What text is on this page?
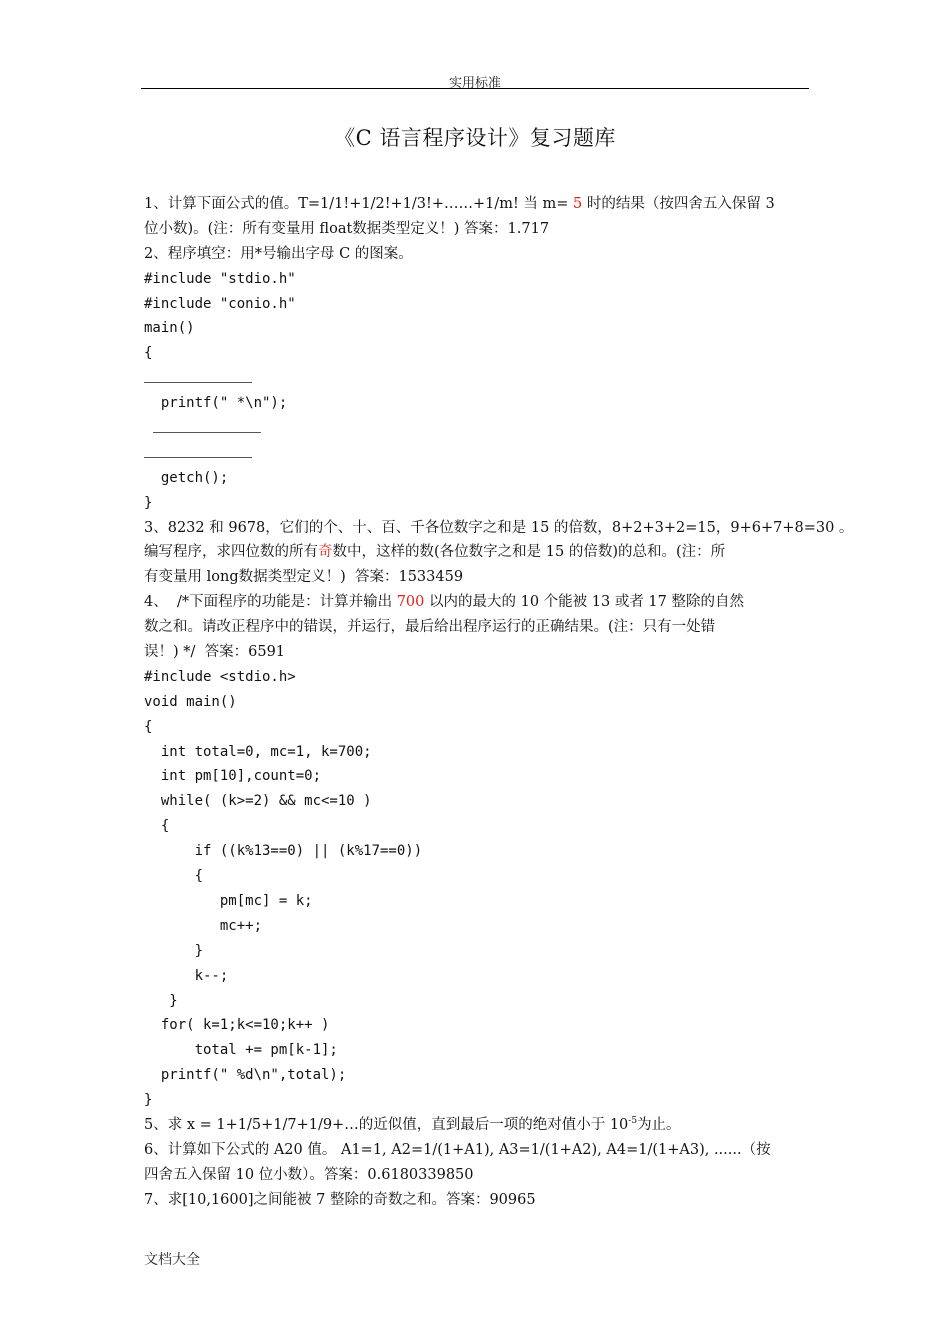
实用标准
《C 语言程序设计》复习题库
1、计算下面公式的值。T=1/1!+1/2!+1/3!+……+1/m! 当 m= 5 时的结果（按四舍五入保留 3
位小数)。(注：所有变量用 float数据类型定义！) 答案：1.717
2、程序填空：用*号输出字母 C 的图案。
#include "stdio.h"
#include "conio.h"
main()
{
printf(" *\n");
getch();
}
3、8232 和 9678，它们的个、十、百、千各位数字之和是 15 的倍数，8+2+3+2=15，9+6+7+8=30 。
编写程序，求四位数的所有奇数中，这样的数(各位数字之和是 15 的倍数)的总和。(注：所
有变量用 long数据类型定义！)  答案：1533459
4、  /*下面程序的功能是：计算并输出 700 以内的最大的 10 个能被 13 或者 17 整除的自然
数之和。请改正程序中的错误，并运行，最后给出程序运行的正确结果。(注：只有一处错
误！) */  答案：6591
#include <stdio.h>
void main()
{
int total=0, mc=1, k=700;
int pm[10],count=0;
while( (k>=2) && mc<=10 )
{
if ((k%13==0) || (k%17==0))
{
pm[mc] = k;
mc++;
}
k--;
}
for( k=1;k<=10;k++ )
total += pm[k-1];
printf(" %d\n",total);
}
5、求 x = 1+1/5+1/7+1/9+…的近似值，直到最后一项的绝对值小于 $10^{-5}$为止。
6、计算如下公式的 A20 值。 A1=1, A2=1/(1+A1), A3=1/(1+A2), A4=1/(1+A3), ......（按
四舍五入保留 10 位小数）。答案：0.6180339850
7、求[10,1600]之间能被 7 整除的奇数之和。答案：90965
文档大全
